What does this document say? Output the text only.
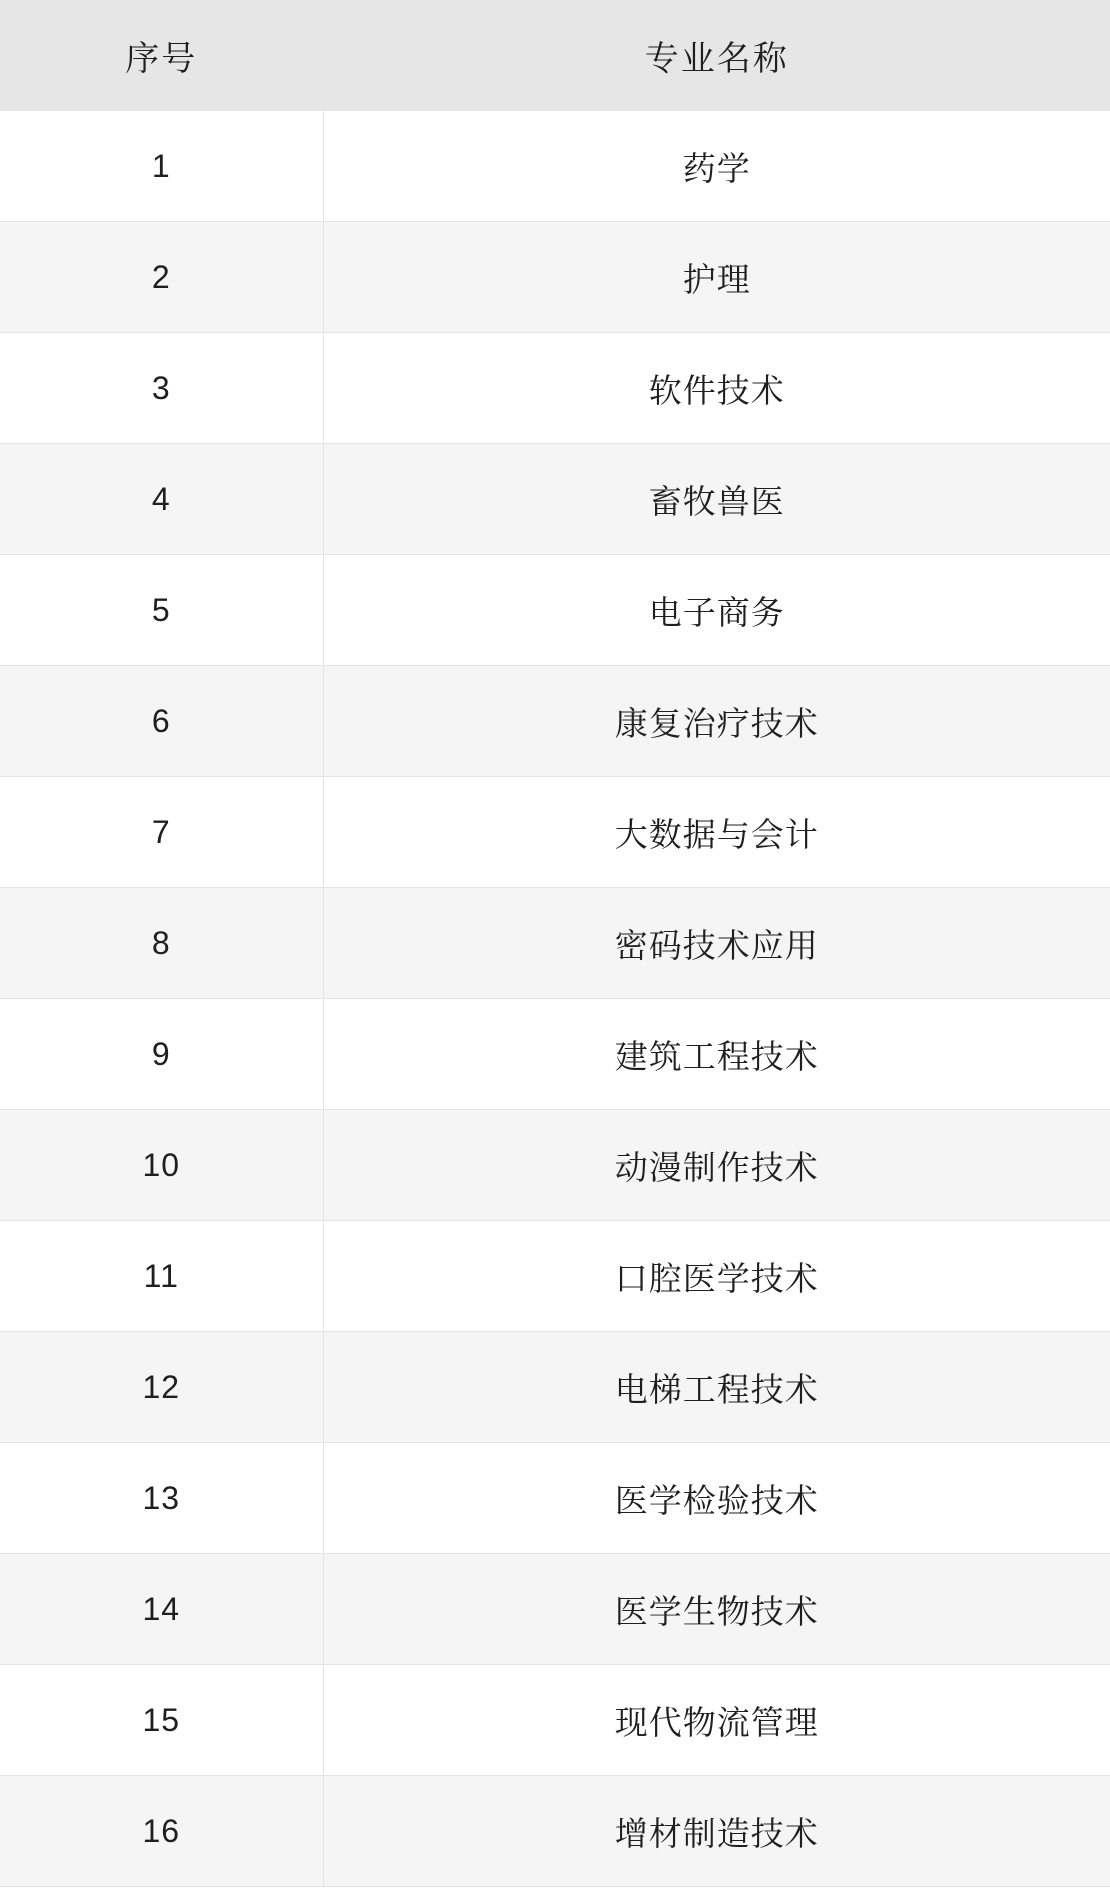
序号	专业名称
1	药学
2	护理
3	软件技术
4	畜牧兽医
5	电子商务
6	康复治疗技术
7	大数据与会计
8	密码技术应用
9	建筑工程技术
10	动漫制作技术
11	口腔医学技术
12	电梯工程技术
13	医学检验技术
14	医学生物技术
15	现代物流管理
16	增材制造技术
